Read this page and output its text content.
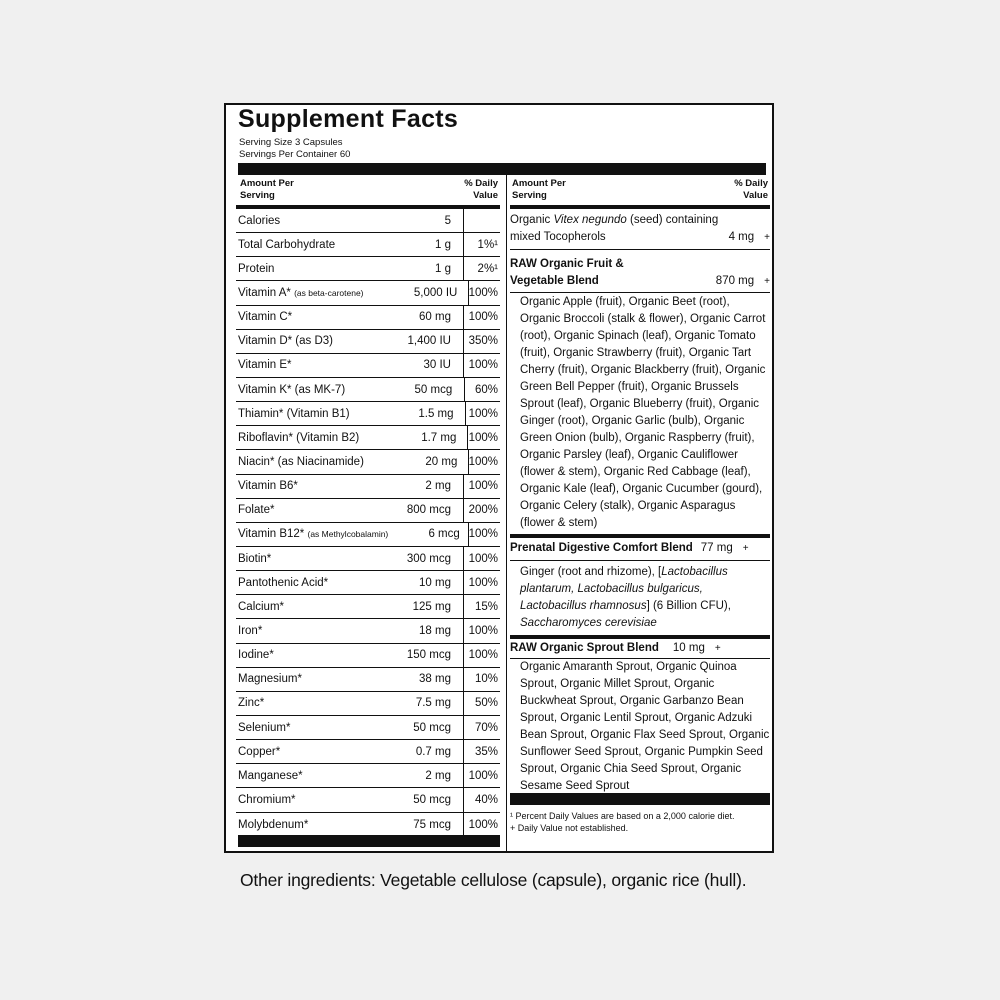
Supplement Facts
Serving Size 3 Capsules
Servings Per Container 60
Amount Per Serving
% Daily Value
Calories	5
Total Carbohydrate	1 g	1%¹
Protein	1 g	2%¹
Vitamin A* (as beta-carotene)	5,000 IU 100%
Vitamin C*	60 mg	100%
Vitamin D* (as D3)	1,400 IU	350%
Vitamin E*	30 IU	100%
Vitamin K* (as MK-7)	50 mcg	60%
Thiamin* (Vitamin B1)	1.5 mg 100%
Riboflavin* (Vitamin B2)	1.7 mg 100%
Niacin* (as Niacinamide)	20 mg 100%
Vitamin B6*	2 mg	100%
Folate*	800 mcg	200%
Vitamin B12* (as Methylcobalamin)	6 mcg 100%
Biotin*	300 mcg	100%
Pantothenic Acid*	10 mg	100%
Calcium*	125 mg	15%
Iron*	18 mg	100%
Iodine*	150 mcg	100%
Magnesium*	38 mg	10%
Zinc*	7.5 mg	50%
Selenium*	50 mcg	70%
Copper*	0.7 mg	35%
Manganese*	2 mg	100%
Chromium*	50 mcg	40%
Molybdenum*	75 mcg	100%
Amount Per Serving
% Daily Value
Organic Vitex negundo (seed) containing
mixed Tocopherols	4 mg +
RAW Organic Fruit &
Vegetable Blend	870 mg +
Organic Apple (fruit), Organic Beet (root), Organic Broccoli (stalk & flower), Organic Carrot (root), Organic Spinach (leaf), Organic Tomato (fruit), Organic Strawberry (fruit), Organic Tart Cherry (fruit), Organic Blackberry (fruit), Organic Green Bell Pepper (fruit), Organic Brussels Sprout (leaf), Organic Blueberry (fruit), Organic Ginger (root), Organic Garlic (bulb), Organic Green Onion (bulb), Organic Raspberry (fruit), Organic Parsley (leaf), Organic Cauliflower (flower & stem), Organic Red Cabbage (leaf), Organic Kale (leaf), Organic Cucumber (gourd), Organic Celery (stalk), Organic Asparagus (flower & stem)
Prenatal Digestive Comfort Blend 77 mg +
Ginger (root and rhizome), [Lactobacillus plantarum, Lactobacillus bulgaricus, Lactobacillus rhamnosus] (6 Billion CFU), Saccharomyces cerevisiae
RAW Organic Sprout Blend 10 mg +
Organic Amaranth Sprout, Organic Quinoa Sprout, Organic Millet Sprout, Organic Buckwheat Sprout, Organic Garbanzo Bean Sprout, Organic Lentil Sprout, Organic Adzuki Bean Sprout, Organic Flax Seed Sprout, Organic Sunflower Seed Sprout, Organic Pumpkin Seed Sprout, Organic Chia Seed Sprout, Organic Sesame Seed Sprout
¹ Percent Daily Values are based on a 2,000 calorie diet.
+ Daily Value not established.
Other ingredients: Vegetable cellulose (capsule), organic rice (hull).
